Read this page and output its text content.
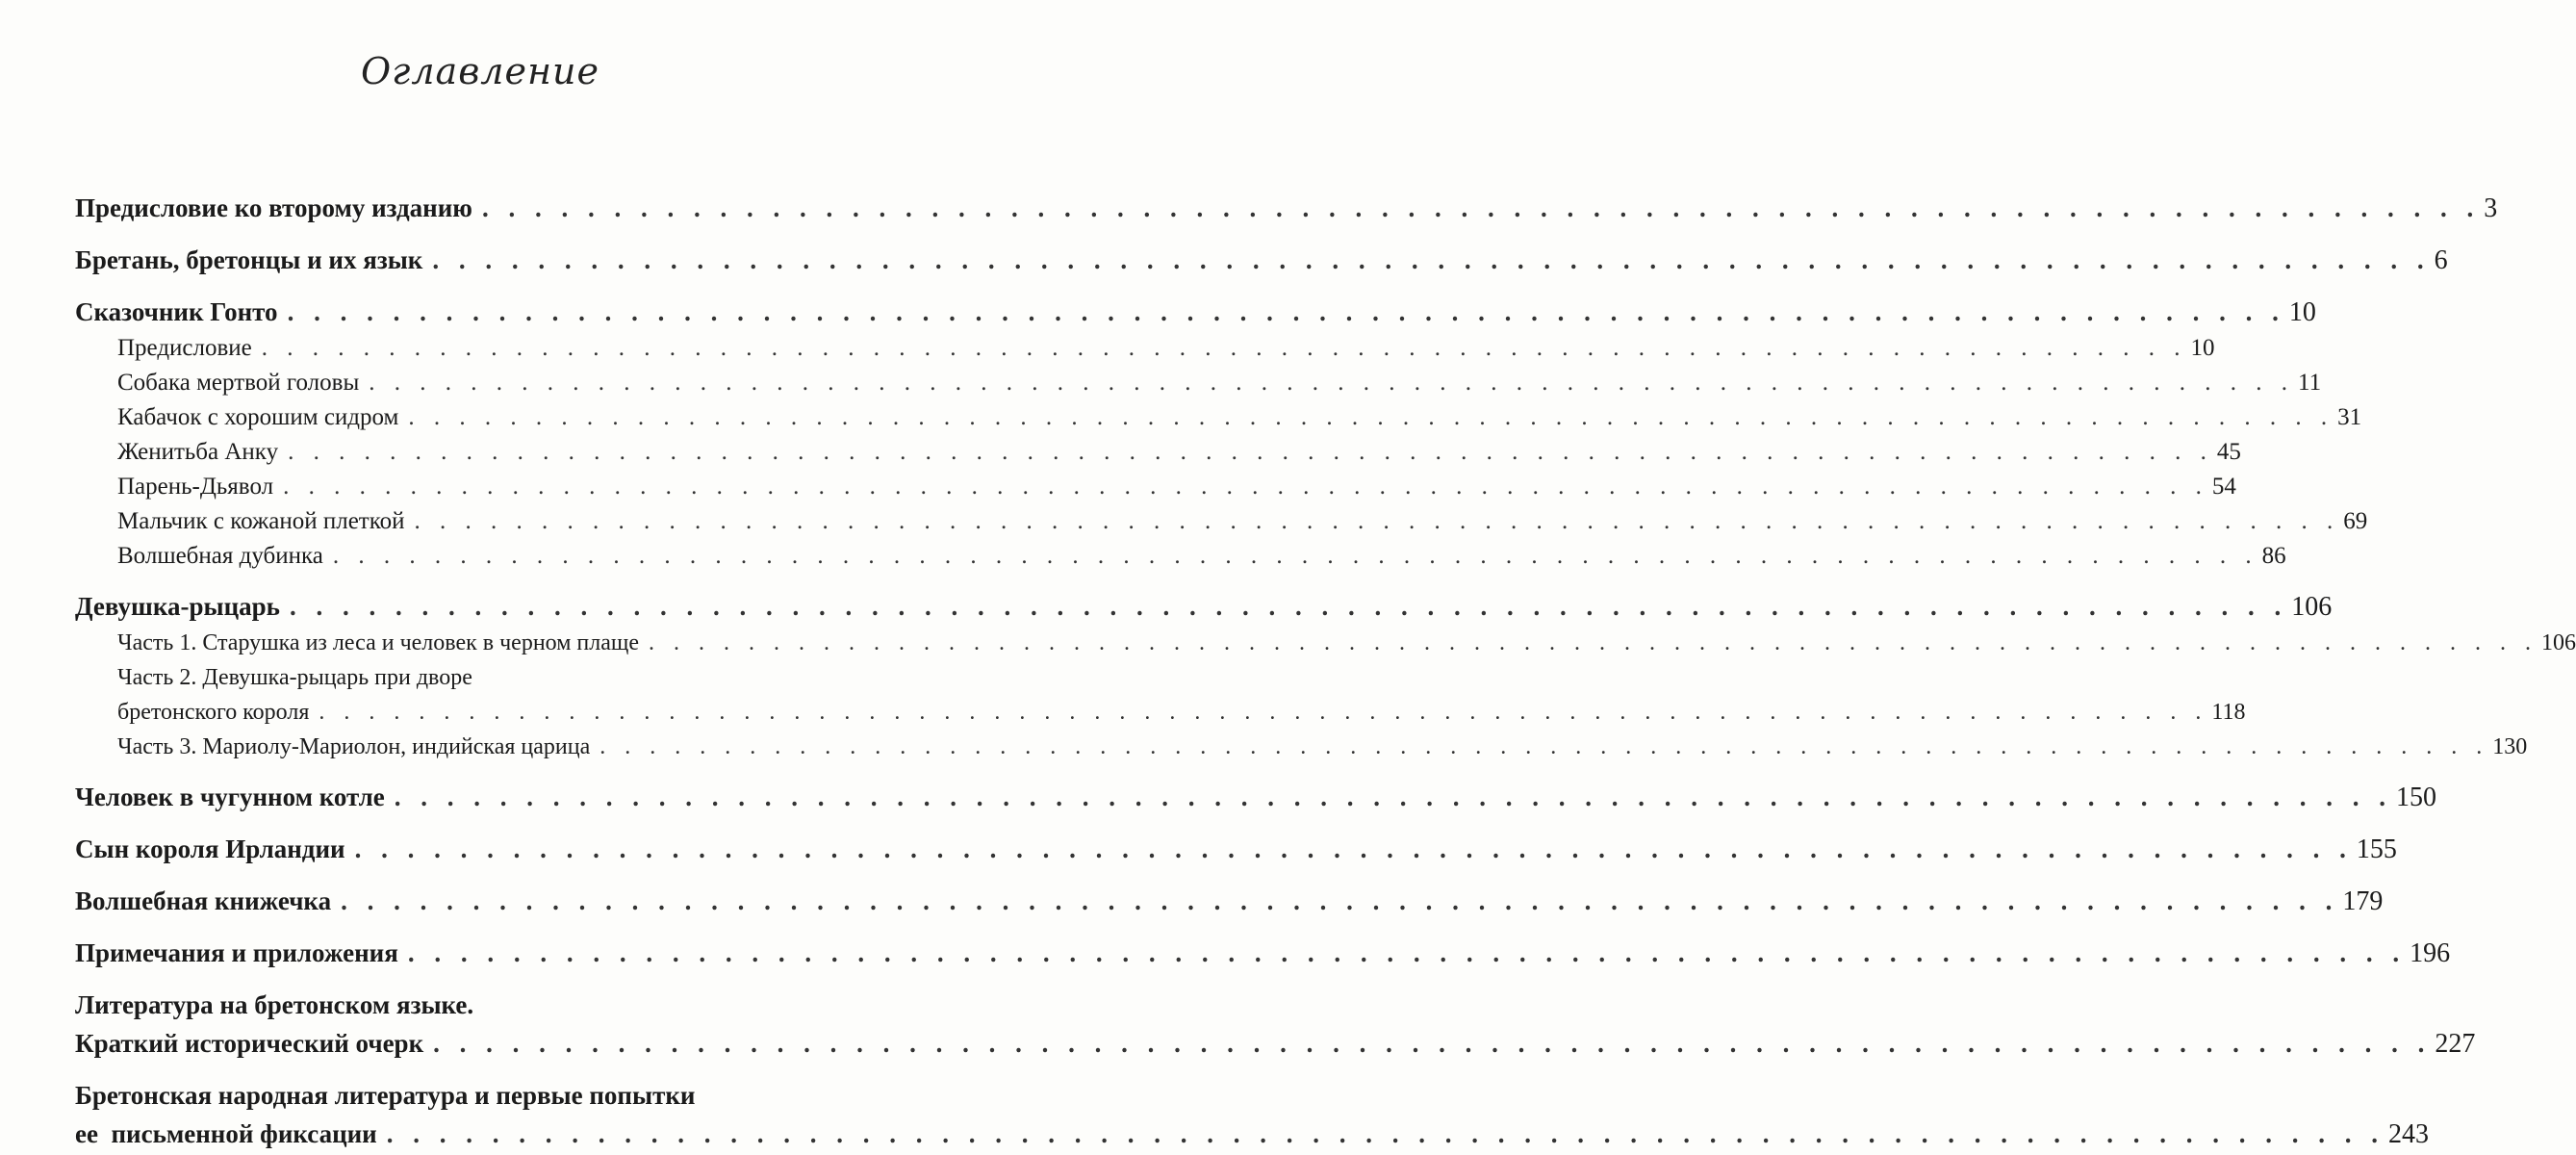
Оглавление
Предисловие ко второму изданию . . . . . . . . . . . . . . . . . . . . . . . . . . . . . . . . . . . . . . . . . . . . . . . . . . . . . . . . . . . . . . . . . . . . . . . . . . . . 3
Бретань, бретонцы и их язык . . . . . . . . . . . . . . . . . . . . . . . . . . . . . . . . . . . . . . . . . . . . . . . . . . . . . . . . . . . . . . . . . . . . . . . . . . . . 6
Сказочник Гонто . . . . . . . . . . . . . . . . . . . . . . . . . . . . . . . . . . . . . . . . . . . . . . . . . . . . . . . . . . . . . . . . . . . . . . . . . . . . 10
Предисловие . . . . . . . . . . . . . . . . . . . . . . . . . . . . . . . . . . . . . . . . . . . . . . . . . . . . . . . . . . . . . . . . . . . . . . . . . . . . 10
Собака мертвой головы . . . . . . . . . . . . . . . . . . . . . . . . . . . . . . . . . . . . . . . . . . . . . . . . . . . . . . . . . . . . . . . . . . . . . . . . . . . . 11
Кабачок с хорошим сидром . . . . . . . . . . . . . . . . . . . . . . . . . . . . . . . . . . . . . . . . . . . . . . . . . . . . . . . . . . . . . . . . . . . . . . . . . . . . 31
Женитьба Анку . . . . . . . . . . . . . . . . . . . . . . . . . . . . . . . . . . . . . . . . . . . . . . . . . . . . . . . . . . . . . . . . . . . . . . . . . . . . 45
Парень-Дьявол . . . . . . . . . . . . . . . . . . . . . . . . . . . . . . . . . . . . . . . . . . . . . . . . . . . . . . . . . . . . . . . . . . . . . . . . . . . . 54
Мальчик с кожаной плеткой . . . . . . . . . . . . . . . . . . . . . . . . . . . . . . . . . . . . . . . . . . . . . . . . . . . . . . . . . . . . . . . . . . . . . . . . . . . . 69
Волшебная дубинка . . . . . . . . . . . . . . . . . . . . . . . . . . . . . . . . . . . . . . . . . . . . . . . . . . . . . . . . . . . . . . . . . . . . . . . . . . . . 86
Девушка-рыцарь . . . . . . . . . . . . . . . . . . . . . . . . . . . . . . . . . . . . . . . . . . . . . . . . . . . . . . . . . . . . . . . . . . . . . . . . . . . . 106
Часть 1. Старушка из леса и человек в черном плаще . . . . . . . . . . . . . . . . . . . . . . . . . . . . . . . . . . . . . . . . . . . . . . . . . . . . . . . . . . . . . . . . . . . . . . . . . . . . 106
Часть 2. Девушка-рыцарь при дворе
бретонского короля . . . . . . . . . . . . . . . . . . . . . . . . . . . . . . . . . . . . . . . . . . . . . . . . . . . . . . . . . . . . . . . . . . . . . . . . . . . . 118
Часть 3. Мариолу-Мариолон, индийская царица . . . . . . . . . . . . . . . . . . . . . . . . . . . . . . . . . . . . . . . . . . . . . . . . . . . . . . . . . . . . . . . . . . . . . . . . . . . . 130
Человек в чугунном котле . . . . . . . . . . . . . . . . . . . . . . . . . . . . . . . . . . . . . . . . . . . . . . . . . . . . . . . . . . . . . . . . . . . . . . . . . . . . 150
Сын короля Ирландии . . . . . . . . . . . . . . . . . . . . . . . . . . . . . . . . . . . . . . . . . . . . . . . . . . . . . . . . . . . . . . . . . . . . . . . . . . . . 155
Волшебная книжечка . . . . . . . . . . . . . . . . . . . . . . . . . . . . . . . . . . . . . . . . . . . . . . . . . . . . . . . . . . . . . . . . . . . . . . . . . . . . 179
Примечания и приложения . . . . . . . . . . . . . . . . . . . . . . . . . . . . . . . . . . . . . . . . . . . . . . . . . . . . . . . . . . . . . . . . . . . . . . . . . . . . 196
Литература на бретонском языке.
Краткий исторический очерк . . . . . . . . . . . . . . . . . . . . . . . . . . . . . . . . . . . . . . . . . . . . . . . . . . . . . . . . . . . . . . . . . . . . . . . . . . . . 227
Бретонская народная литература и первые попытки
ее  письменной фиксации . . . . . . . . . . . . . . . . . . . . . . . . . . . . . . . . . . . . . . . . . . . . . . . . . . . . . . . . . . . . . . . . . . . . . . . . . . . . 243
